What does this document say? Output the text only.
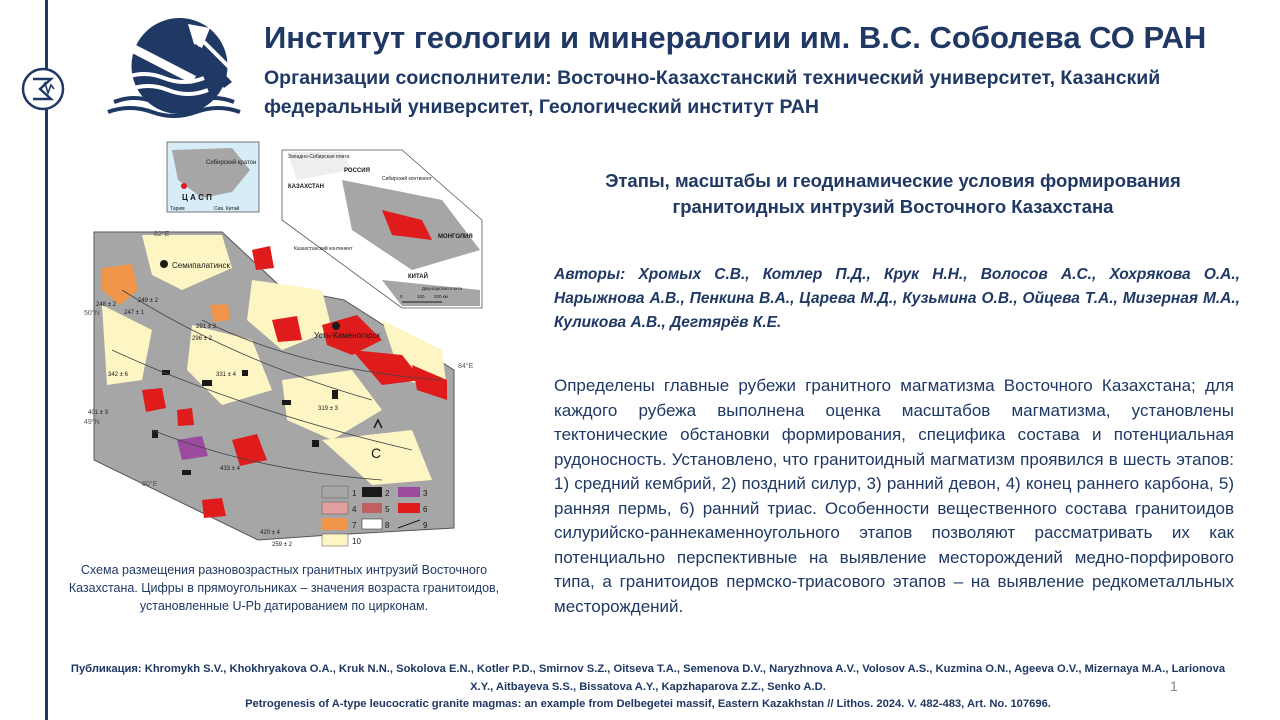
Институт геологии и минералогии им. В.С. Соболева СО РАН
Организации соисполнители: Восточно-Казахстанский технический университет, Казанский федеральный университет, Геологический институт РАН
Семипалатинск
Усть-Каменогорск
82°E
84°E
80°E
50°N
49°N
С
248 ± 2
249 ± 2
247 ± 1
291 ± 3
296 ± 2
342 ± 6
401 ± 3
331 ± 4
319 ± 3
433 ± 4
420 ± 4
259 ± 2
Сибирский кратон
Ц А С П
Тарим	Сев. Китай
Западно-Сибирская плита
РОССИЯ
КАЗАХСТАН
Сибирский континент
Казахстанский континент
МОНГОЛИЯ
КИТАЙ
Джунгарская плита
0	100 200 км
1	2	3
4	5	6
7	8	9
10
Схема размещения разновозрастных гранитных интрузий Восточного Казахстана. Цифры в прямоугольниках – значения возраста гранитоидов, установленные U-Pb датированием по цирконам.
Этапы, масштабы и геодинамические условия формирования гранитоидных интрузий Восточного Казахстана
Авторы: Хромых С.В., Котлер П.Д., Крук Н.Н., Волосов А.С., Хохрякова О.А., Нарыжнова А.В., Пенкина В.А., Царева М.Д., Кузьмина О.В., Ойцева Т.А., Мизерная М.А., Куликова А.В., Дегтярёв К.Е.
Определены главные рубежи гранитного магматизма Восточного Казахстана; для каждого рубежа выполнена оценка масштабов магматизма, установлены тектонические обстановки формирования, специфика состава и потенциальная рудоносность. Установлено, что гранитоидный магматизм проявился в шесть этапов: 1) средний кембрий, 2) поздний силур, 3) ранний девон, 4) конец раннего карбона, 5) ранняя пермь, 6) ранний триас. Особенности вещественного состава гранитоидов силурийско-раннекаменноугольного этапов позволяют рассматривать их как потенциально перспективные на выявление месторождений медно-порфирового типа, а гранитоидов пермско-триасового этапов – на выявление редкометалльных месторождений.
Публикация: Khromykh S.V., Khokhryakova O.A., Kruk N.N., Sokolova E.N., Kotler P.D., Smirnov S.Z., Oitseva T.A., Semenova D.V., Naryzhnova A.V., Volosov A.S., Kuzmina O.N., Ageeva O.V., Mizernaya M.A., Larionova X.Y., Aitbayeva S.S., Bissatova A.Y., Kapzhaparova Z.Z., Senko A.D.
Petrogenesis of A-type leucocratic granite magmas: an example from Delbegetei massif, Eastern Kazakhstan // Lithos. 2024. V. 482-483, Art. No. 107696.
1
